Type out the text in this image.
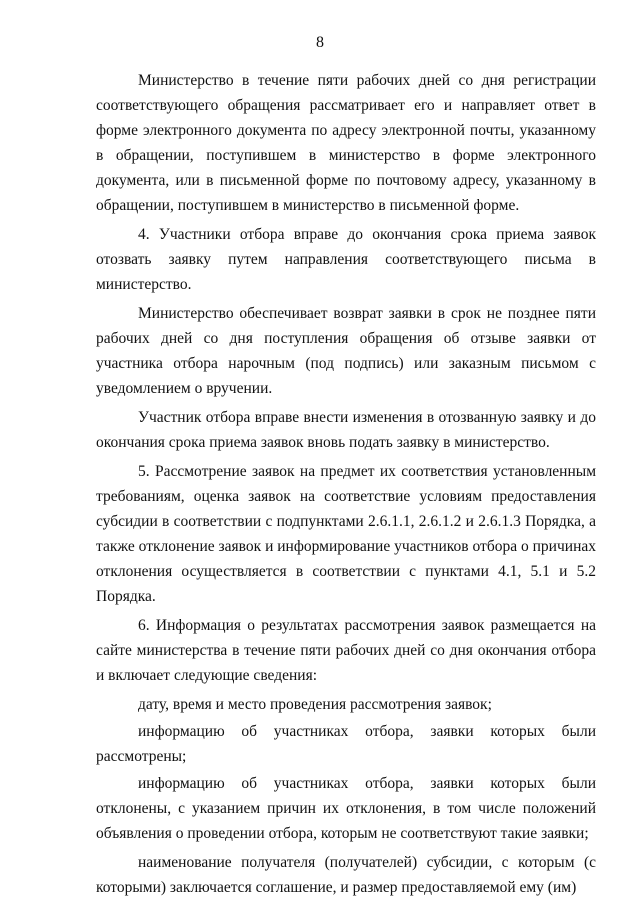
8

Министерство в течение пяти рабочих дней со дня регистрации соответствующего обращения рассматривает его и направляет ответ в форме электронного документа по адресу электронной почты, указанному в обращении, поступившем в министерство в форме электронного документа, или в письменной форме по почтовому адресу, указанному в обращении, поступившем в министерство в письменной форме.

4. Участники отбора вправе до окончания срока приема заявок отозвать заявку путем направления соответствующего письма в министерство.

Министерство обеспечивает возврат заявки в срок не позднее пяти рабочих дней со дня поступления обращения об отзыве заявки от участника отбора нарочным (под подпись) или заказным письмом с уведомлением о вручении.

Участник отбора вправе внести изменения в отозванную заявку и до окончания срока приема заявок вновь подать заявку в министерство.

5. Рассмотрение заявок на предмет их соответствия установленным требованиям, оценка заявок на соответствие условиям предоставления субсидии в соответствии с подпунктами 2.6.1.1, 2.6.1.2 и 2.6.1.3 Порядка, а также отклонение заявок и информирование участников отбора о причинах отклонения осуществляется в соответствии с пунктами 4.1, 5.1 и 5.2 Порядка.

6. Информация о результатах рассмотрения заявок размещается на сайте министерства в течение пяти рабочих дней со дня окончания отбора и включает следующие сведения:

дату, время и место проведения рассмотрения заявок;

информацию об участниках отбора, заявки которых были рассмотрены;

информацию об участниках отбора, заявки которых были отклонены, с указанием причин их отклонения, в том числе положений объявления о проведении отбора, которым не соответствуют такие заявки;

наименование получателя (получателей) субсидии, с которым (с которыми) заключается соглашение, и размер предоставляемой ему (им)
